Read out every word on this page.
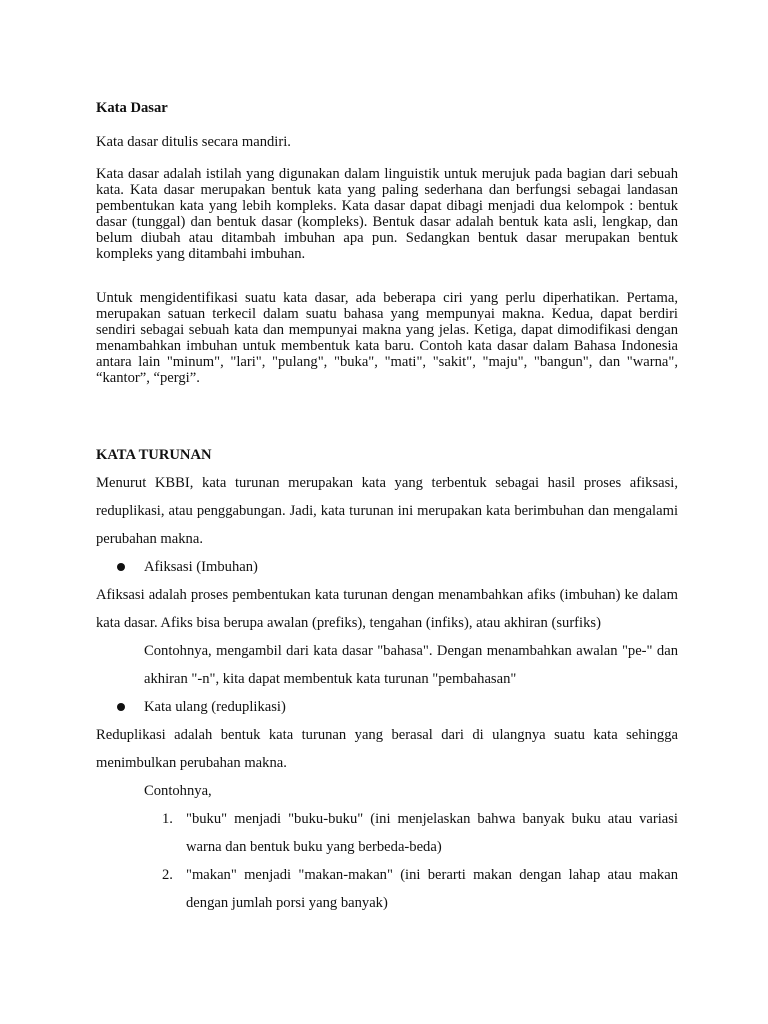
Kata Dasar

Kata dasar ditulis secara mandiri.

Kata dasar adalah istilah yang digunakan dalam linguistik untuk merujuk pada bagian dari sebuah kata. Kata dasar merupakan bentuk kata yang paling sederhana dan berfungsi sebagai landasan pembentukan kata yang lebih kompleks. Kata dasar dapat dibagi menjadi dua kelompok : bentuk dasar (tunggal) dan bentuk dasar (kompleks). Bentuk dasar adalah bentuk kata asli, lengkap, dan belum diubah atau ditambah imbuhan apa pun. Sedangkan bentuk dasar merupakan bentuk kompleks yang ditambahi imbuhan.

Untuk mengidentifikasi suatu kata dasar, ada beberapa ciri yang perlu diperhatikan. Pertama, merupakan satuan terkecil dalam suatu bahasa yang mempunyai makna. Kedua, dapat berdiri sendiri sebagai sebuah kata dan mempunyai makna yang jelas. Ketiga, dapat dimodifikasi dengan menambahkan imbuhan untuk membentuk kata baru. Contoh kata dasar dalam Bahasa Indonesia antara lain "minum", "lari", "pulang", "buka", "mati", "sakit", "maju", "bangun", dan "warna", “kantor”, “pergi”.

KATA TURUNAN

Menurut KBBI, kata turunan merupakan kata yang terbentuk sebagai hasil proses afiksasi, reduplikasi, atau penggabungan. Jadi, kata turunan ini merupakan kata berimbuhan dan mengalami perubahan makna.

Afiksasi (Imbuhan)

Afiksasi adalah proses pembentukan kata turunan dengan menambahkan afiks (imbuhan) ke dalam kata dasar. Afiks bisa berupa awalan (prefiks), tengahan (infiks), atau akhiran (surfiks)

Contohnya, mengambil dari kata dasar "bahasa". Dengan menambahkan awalan "pe-" dan akhiran "-n", kita dapat membentuk kata turunan "pembahasan"

Kata ulang (reduplikasi)

Reduplikasi adalah bentuk kata turunan yang berasal dari di ulangnya suatu kata sehingga menimbulkan perubahan makna.

Contohnya,

1. "buku" menjadi "buku-buku" (ini menjelaskan bahwa banyak buku atau variasi warna dan bentuk buku yang berbeda-beda)
2. "makan" menjadi "makan-makan" (ini berarti makan dengan lahap atau makan dengan jumlah porsi yang banyak)
